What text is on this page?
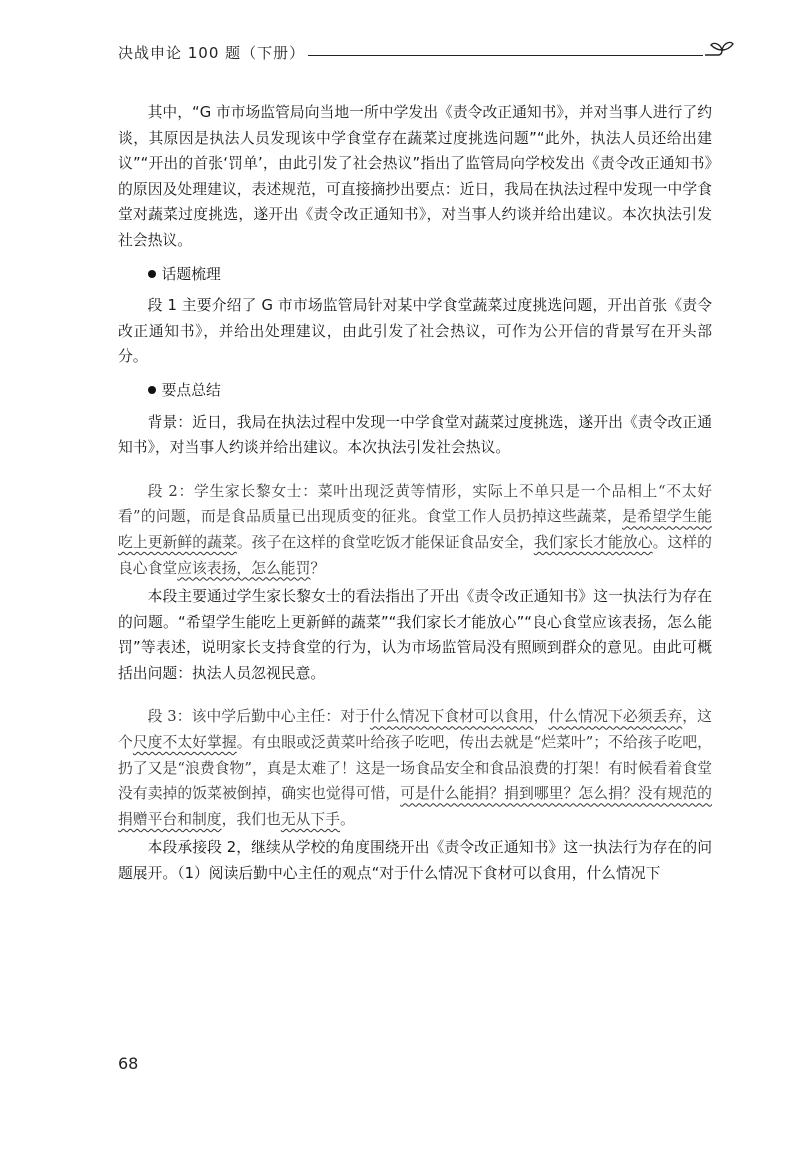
决战申论 100 题（下册）

其中，“G 市市场监管局向当地一所中学发出《责令改正通知书》，并对当事人进行了约谈，其原因是执法人员发现该中学食堂存在蔬菜过度挑选问题”“此外，执法人员还给出建议”“开出的首张‘罚单’，由此引发了社会热议”指出了监管局向学校发出《责令改正通知书》的原因及处理建议，表述规范，可直接摘抄出要点：近日，我局在执法过程中发现一中学食堂对蔬菜过度挑选，遂开出《责令改正通知书》，对当事人约谈并给出建议。本次执法引发社会热议。

话题梳理

段 1 主要介绍了 G 市市场监管局针对某中学食堂蔬菜过度挑选问题，开出首张《责令改正通知书》，并给出处理建议，由此引发了社会热议，可作为公开信的背景写在开头部分。

要点总结

背景：近日，我局在执法过程中发现一中学食堂对蔬菜过度挑选，遂开出《责令改正通知书》，对当事人约谈并给出建议。本次执法引发社会热议。

段 2：学生家长黎女士：菜叶出现泛黄等情形，实际上不单只是一个品相上“不太好看”的问题，而是食品质量已出现质变的征兆。食堂工作人员扔掉这些蔬菜，是希望学生能吃上更新鲜的蔬菜。孩子在这样的食堂吃饭才能保证食品安全，我们家长才能放心。这样的良心食堂应该表扬，怎么能罚？

本段主要通过学生家长黎女士的看法指出了开出《责令改正通知书》这一执法行为存在的问题。“希望学生能吃上更新鲜的蔬菜”“我们家长才能放心”“良心食堂应该表扬，怎么能罚”等表述，说明家长支持食堂的行为，认为市场监管局没有照顾到群众的意见。由此可概括出问题：执法人员忽视民意。

段 3：该中学后勤中心主任：对于什么情况下食材可以食用，什么情况下必须丢弃，这个尺度不太好掌握。有虫眼或泛黄菜叶给孩子吃吧，传出去就是“烂菜叶”；不给孩子吃吧，扔了又是“浪费食物”，真是太难了！这是一场食品安全和食品浪费的打架！有时候看着食堂没有卖掉的饭菜被倒掉，确实也觉得可惜，可是什么能捐？捐到哪里？怎么捐？没有规范的捐赠平台和制度，我们也无从下手。

本段承接段 2，继续从学校的角度围绕开出《责令改正通知书》这一执法行为存在的问题展开。（1）阅读后勤中心主任的观点“对于什么情况下食材可以食用，什么情况下

68
